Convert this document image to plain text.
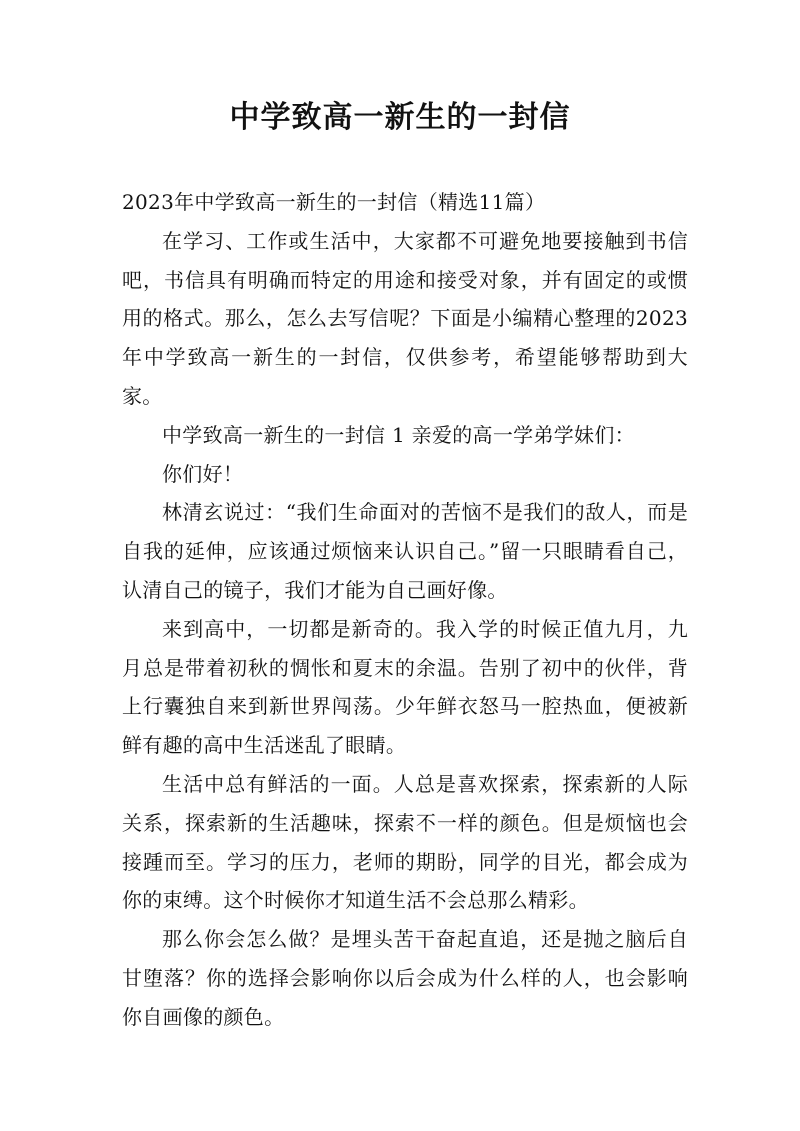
中学致高一新生的一封信

2023年中学致高一新生的一封信（精选11篇）

在学习、工作或生活中，大家都不可避免地要接触到书信吧，书信具有明确而特定的用途和接受对象，并有固定的或惯用的格式。那么，怎么去写信呢？下面是小编精心整理的2023年中学致高一新生的一封信，仅供参考，希望能够帮助到大家。

中学致高一新生的一封信 1 亲爱的高一学弟学妹们：

你们好！

林清玄说过：“我们生命面对的苦恼不是我们的敌人，而是自我的延伸，应该通过烦恼来认识自己。”留一只眼睛看自己，认清自己的镜子，我们才能为自己画好像。

来到高中，一切都是新奇的。我入学的时候正值九月，九月总是带着初秋的惆怅和夏末的余温。告别了初中的伙伴，背上行囊独自来到新世界闯荡。少年鲜衣怒马一腔热血，便被新鲜有趣的高中生活迷乱了眼睛。

生活中总有鲜活的一面。人总是喜欢探索，探索新的人际关系，探索新的生活趣味，探索不一样的颜色。但是烦恼也会接踵而至。学习的压力，老师的期盼，同学的目光，都会成为你的束缚。这个时候你才知道生活不会总那么精彩。

那么你会怎么做？是埋头苦干奋起直追，还是抛之脑后自甘堕落？你的选择会影响你以后会成为什么样的人，也会影响你自画像的颜色。
